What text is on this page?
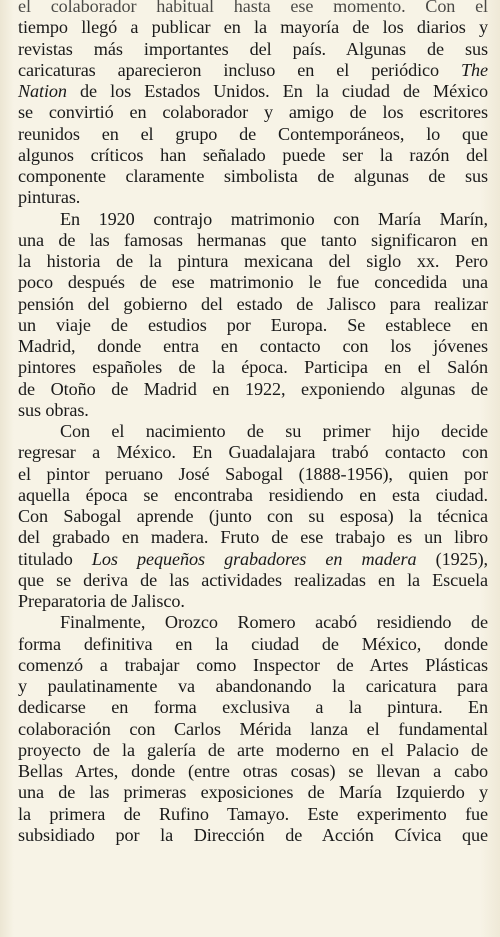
el colaborador habitual hasta ese momento. Con el
tiempo llegó a publicar en la mayoría de los diarios y
revistas más importantes del país. Algunas de sus
caricaturas aparecieron incluso en el periódico The
Nation de los Estados Unidos. En la ciudad de México
se convirtió en colaborador y amigo de los escritores
reunidos en el grupo de Contemporáneos, lo que
algunos críticos han señalado puede ser la razón del
componente claramente simbolista de algunas de sus
pinturas.
En 1920 contrajo matrimonio con María Marín,
una de las famosas hermanas que tanto significaron en
la historia de la pintura mexicana del siglo xx. Pero
poco después de ese matrimonio le fue concedida una
pensión del gobierno del estado de Jalisco para realizar
un viaje de estudios por Europa. Se establece en
Madrid, donde entra en contacto con los jóvenes
pintores españoles de la época. Participa en el Salón
de Otoño de Madrid en 1922, exponiendo algunas de
sus obras.
Con el nacimiento de su primer hijo decide
regresar a México. En Guadalajara trabó contacto con
el pintor peruano José Sabogal (1888-1956), quien por
aquella época se encontraba residiendo en esta ciudad.
Con Sabogal aprende (junto con su esposa) la técnica
del grabado en madera. Fruto de ese trabajo es un libro
titulado Los pequeños grabadores en madera (1925),
que se deriva de las actividades realizadas en la Escuela
Preparatoria de Jalisco.
Finalmente, Orozco Romero acabó residiendo de
forma definitiva en la ciudad de México, donde
comenzó a trabajar como Inspector de Artes Plásticas
y paulatinamente va abandonando la caricatura para
dedicarse en forma exclusiva a la pintura. En
colaboración con Carlos Mérida lanza el fundamental
proyecto de la galería de arte moderno en el Palacio de
Bellas Artes, donde (entre otras cosas) se llevan a cabo
una de las primeras exposiciones de María Izquierdo y
la primera de Rufino Tamayo. Este experimento fue
subsidiado por la Dirección de Acción Cívica que
